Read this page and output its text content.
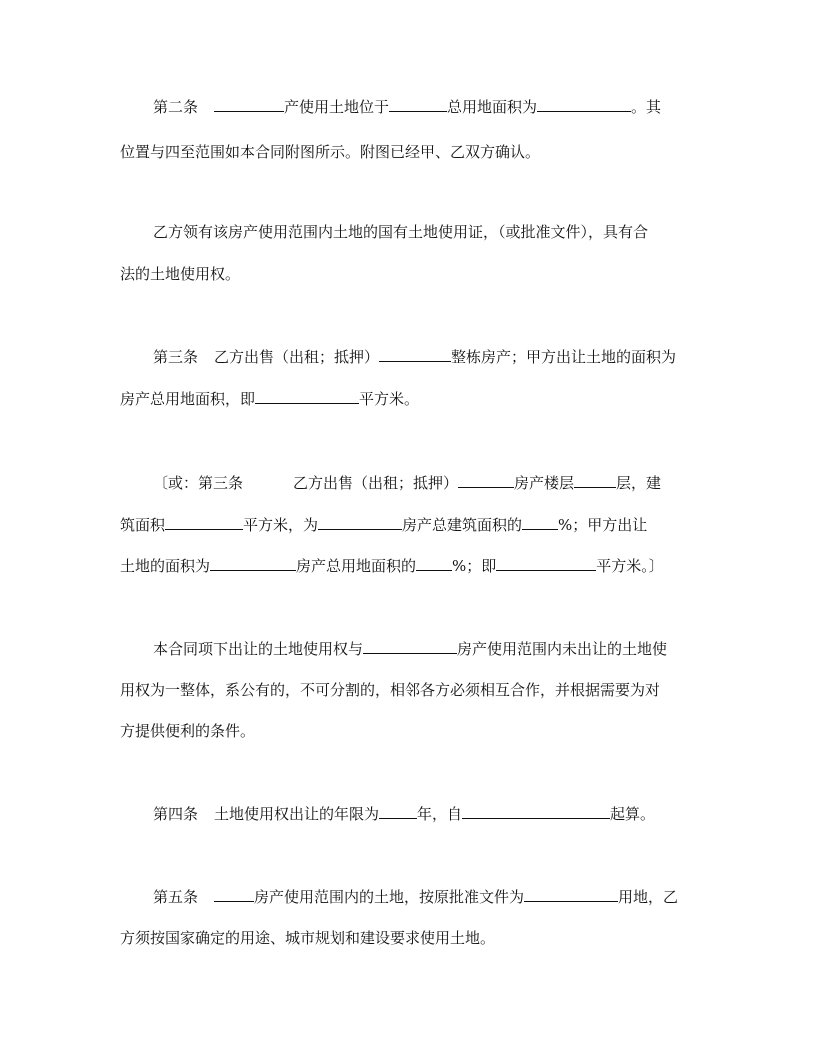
第二条	产使用土地位于	总用地面积为	。其
位置与四至范围如本合同附图所示。附图已经甲、乙双方确认。
乙方领有该房产使用范围内土地的国有土地使用证，（或批准文件），具有合
法的土地使用权。
第三条 乙方出售（出租；抵押）	整栋房产；甲方出让土地的面积为
房产总用地面积，即	平方米。
〔或：第三条	乙方出售（出租；抵押）	房产楼层	层，建
筑面积	平方米，为	房产总建筑面积的 %；甲方出让
土地的面积为	房产总用地面积的 %；即	平方米。〕
本合同项下出让的土地使用权与	房产使用范围内未出让的土地使
用权为一整体，系公有的，不可分割的，相邻各方必须相互合作，并根据需要为对
方提供便利的条件。
第四条 土地使用权出让的年限为	年，自	起算。
第五条	房产使用范围内的土地，按原批准文件为	用地，乙
方须按国家确定的用途、城市规划和建设要求使用土地。
